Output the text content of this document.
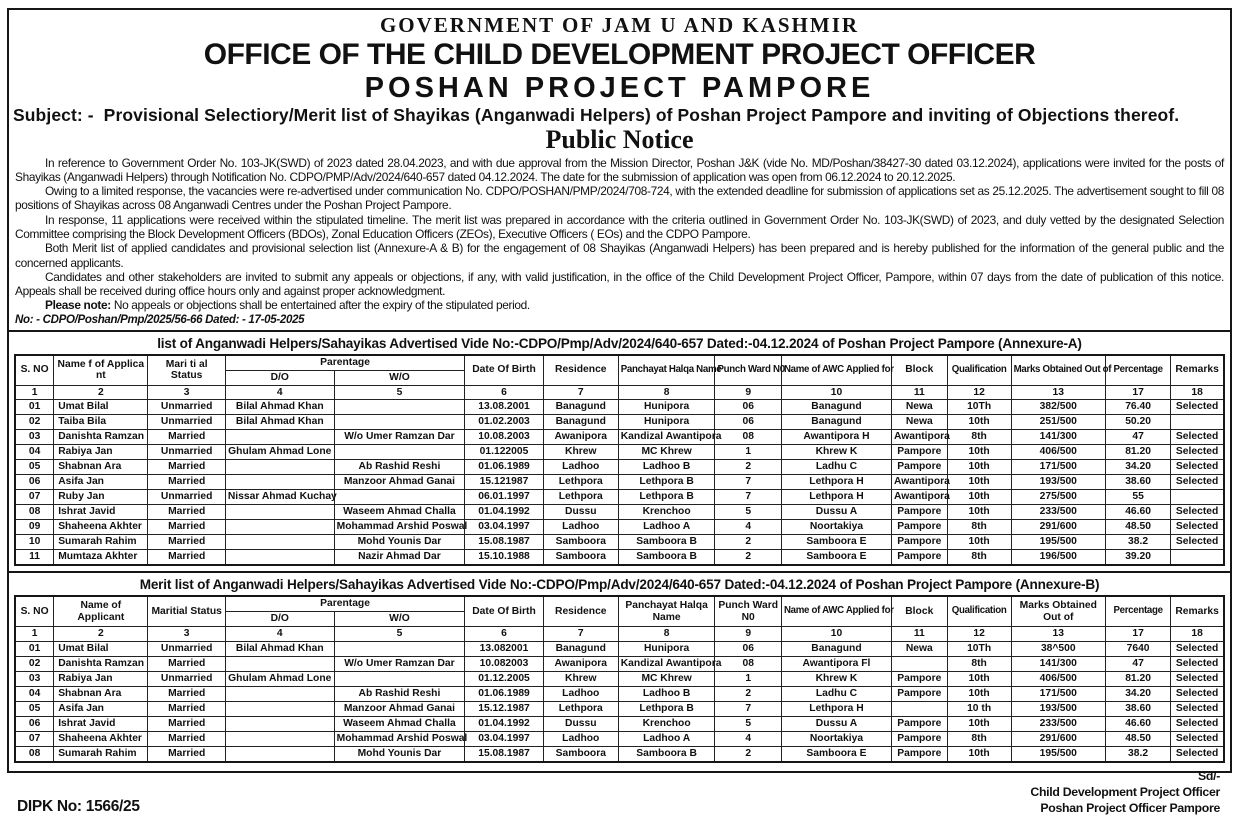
GOVERNMENT OF JAM U AND KASHMIR
OFFICE OF THE CHILD DEVELOPMENT PROJECT OFFICER
POSHAN PROJECT PAMPORE
Subject: - Provisional Selectiory/Merit list of Shayikas (Anganwadi Helpers) of Poshan Project Pampore and inviting of Objections thereof.
Public Notice

In reference to Government Order No. 103-JK(SWD) of 2023 dated 28.04.2023, and with due approval from the Mission Director, Poshan J&K (vide No. MD/Poshan/38427-30 dated 03.12.2024), applications were invited for the posts of Shayikas (Anganwadi Helpers) through Notification No. CDPO/PMP/Adv/2024/640-657 dated 04.12.2024. The date for the submission of application was open from 06.12.2024 to 20.12.2025.

Owing to a limited response, the vacancies were re-advertised under communication No. CDPO/POSHAN/PMP/2024/708-724, with the extended deadline for submission of applications set as 25.12.2025. The advertisement sought to fill 08 positions of Shayikas across 08 Anganwadi Centres under the Poshan Project Pampore.

In response, 11 applications were received within the stipulated timeline. The merit list was prepared in accordance with the criteria outlined in Government Order No. 103-JK(SWD) of 2023, and duly vetted by the designated Selection Committee comprising the Block Development Officers (BDOs), Zonal Education Officers (ZEOs), Executive Officers ( EOs) and the CDPO Pampore.

Both Merit list of applied candidates and provisional selection list (Annexure-A & B) for the engagement of 08 Shayikas (Anganwadi Helpers) has been prepared and is hereby published for the information of the general public and the concerned applicants.

Candidates and other stakeholders are invited to submit any appeals or objections, if any, with valid justification, in the office of the Child Development Project Officer, Pampore, within 07 days from the date of publication of this notice. Appeals shall be received during office hours only and against proper acknowledgment.

Please note: No appeals or objections shall be entertained after the expiry of the stipulated period.

No: - CDPO/Poshan/Pmp/2025/56-66 Dated: - 17-05-2025
list of Anganwadi Helpers/Sahayikas Advertised Vide No:-CDPO/Pmp/Adv/2024/640-657 Dated:-04.12.2024 of Poshan Project Pampore (Annexure-A)
S. NO	Name f of Applica nt	Mari ti al Status	Parentage		Date Of Birth	Residence	Panchayat Halqa Name	Punch Ward N0	Name of AWC Applied for	Block	Qualification	Marks Obtained Out of	Percentage	Remarks
			D/O	W/O										
1	2	3	4	5	6	7	8	9	10	11	12	13	17	18
01	Umat Bilal	Unmarried	Bilal Ahmad Khan		13.08.2001	Banagund	Hunipora	06	Banagund	Newa	10Th	382/500	76.40	Selected
02	Taiba Bila	Unmarried	Bilal Ahmad Khan		01.02.2003	Banagund	Hunipora	06	Banagund	Newa	10th	251/500	50.20	
03	Danishta Ramzan	Married		W/o Umer Ramzan Dar	10.08.2003	Awanipora	Kandizal Awantipora	08	Awantipora H	Awantipora	8th	141/300	47	Selected
04	Rabiya Jan	Unmarried	Ghulam Ahmad Lone		01.122005	Khrew	MC Khrew	1	Khrew K	Pampore	10th	406/500	81.20	Selected
05	Shabnan Ara	Married		Ab Rashid Reshi	01.06.1989	Ladhoo	Ladhoo B	2	Ladhu C	Pampore	10th	171/500	34.20	Selected
06	Asifa Jan	Married		Manzoor Ahmad Ganai	15.121987	Lethpora	Lethpora B	7	Lethpora H	Awantipora	10th	193/500	38.60	Selected
07	Ruby Jan	Unmarried	Nissar Ahmad Kuchay		06.01.1997	Lethpora	Lethpora B	7	Lethpora H	Awantipora	10th	275/500	55	
08	Ishrat Javid	Married		Waseem Ahmad Challa	01.04.1992	Dussu	Krenchoo	5	Dussu A	Pampore	10th	233/500	46.60	Selected
09	Shaheena Akhter	Married		Mohammad Arshid Poswal	03.04.1997	Ladhoo	Ladhoo A	4	Noortakiya	Pampore	8th	291/600	48.50	Selected
10	Sumarah Rahim	Married		Mohd Younis Dar	15.08.1987	Samboora	Samboora B	2	Samboora E	Pampore	10th	195/500	38.2	Selected
11	Mumtaza Akhter	Married		Nazir Ahmad Dar	15.10.1988	Samboora	Samboora B	2	Samboora E	Pampore	8th	196/500	39.20	
Merit list of Anganwadi Helpers/Sahayikas Advertised Vide No:-CDPO/Pmp/Adv/2024/640-657 Dated:-04.12.2024 of Poshan Project Pampore (Annexure-B)
S. NO	Name of Applicant	Maritial Status	Parentage		Date Of Birth	Residence	Panchayat Halqa Name	Punch Ward N0	Name of AWC Applied for	Block	Qualification	Marks Obtained Out of	Percentage	Remarks
			D/O	W/O										
1	2	3	4	5	6	7	8	9	10	11	12	13	17	18
01	Umat Bilal	Unmarried	Bilal Ahmad Khan		13.082001	Banagund	Hunipora	06	Banagund	Newa	10Th	38^500	7640	Selected
02	Danishta Ramzan	Married		W/o Umer Ramzan Dar	10.082003	Awanipora	Kandizal Awantipora	08	Awantipora Fl		8th	141/300	47	Selected
03	Rabiya Jan	Unmarried	Ghulam Ahmad Lone		01.12.2005	Khrew	MC Khrew	1	Khrew K	Pampore	10th	406/500	81.20	Selected
04	Shabnan Ara	Married		Ab Rashid Reshi	01.06.1989	Ladhoo	Ladhoo B	2	Ladhu C	Pampore	10th	171/500	34.20	Selected
05	Asifa Jan	Married		Manzoor Ahmad Ganai	15.12.1987	Lethpora	Lethpora B	7	Lethpora H		10 th	193/500	38.60	Selected
06	Ishrat Javid	Married		Waseem Ahmad Challa	01.04.1992	Dussu	Krenchoo	5	Dussu A	Pampore	10th	233/500	46.60	Selected
07	Shaheena Akhter	Married		Mohammad Arshid Poswal	03.04.1997	Ladhoo	Ladhoo A	4	Noortakiya	Pampore	8th	291/600	48.50	Selected
08	Sumarah Rahim	Married		Mohd Younis Dar	15.08.1987	Samboora	Samboora B	2	Samboora E	Pampore	10th	195/500	38.2	Selected
DIPK No: 1566/25
Sd/-
Child Development Project Officer
Poshan Project Officer Pampore
